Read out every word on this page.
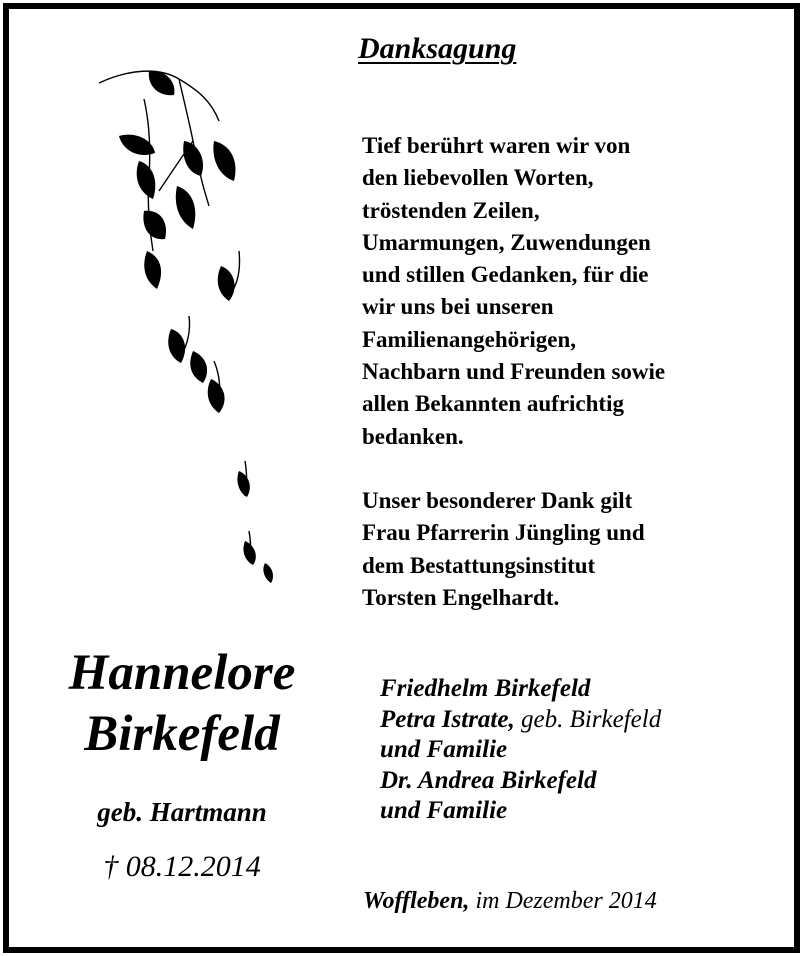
Danksagung
Tief berührt waren wir von
den liebevollen Worten,
tröstenden Zeilen,
Umarmungen, Zuwendungen
und stillen Gedanken, für die
wir uns bei unseren
Familienangehörigen,
Nachbarn und Freunden sowie
allen Bekannten aufrichtig
bedanken.
Unser besonderer Dank gilt
Frau Pfarrerin Jüngling und
dem Bestattungsinstitut
Torsten Engelhardt.
Hannelore
Birkefeld
geb. Hartmann
† 08.12.2014
Friedhelm Birkefeld
Petra Istrate, geb. Birkefeld
und Familie
Dr. Andrea Birkefeld
und Familie
Woffleben, im Dezember 2014
